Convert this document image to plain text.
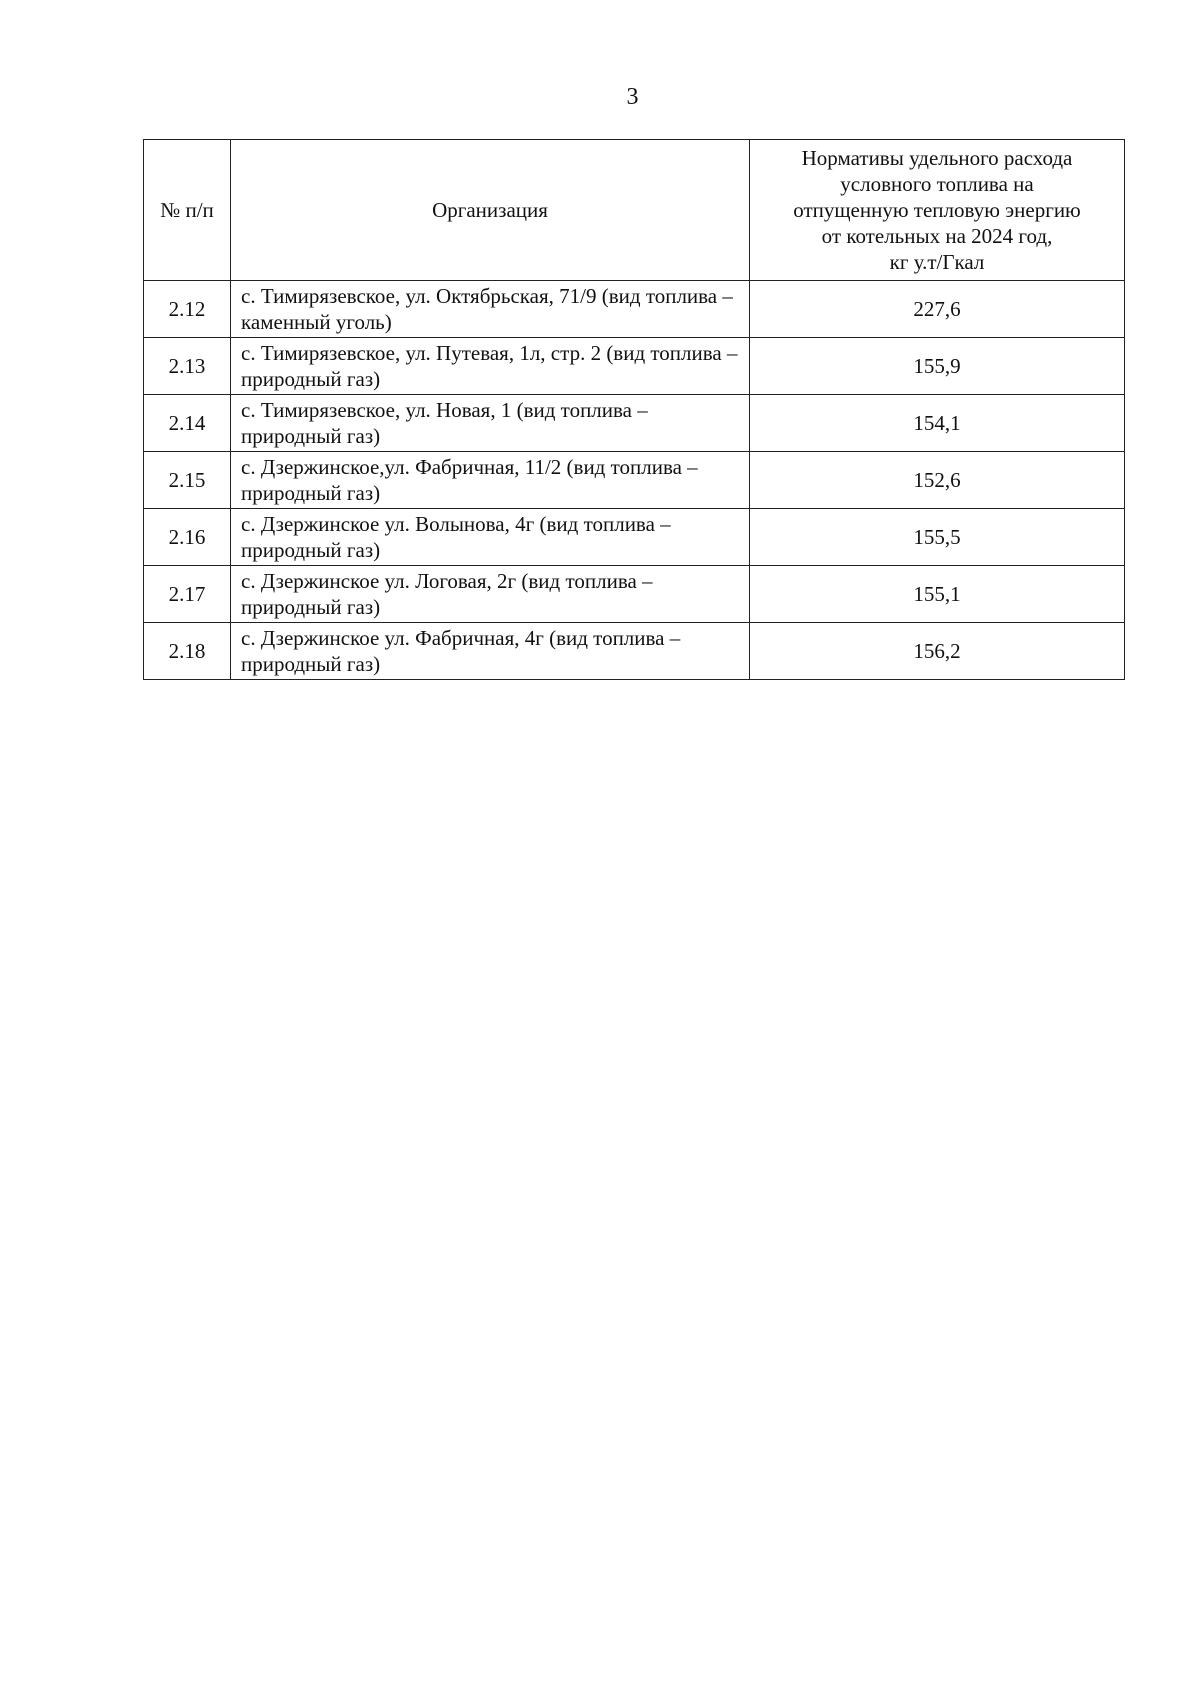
3
№ п/п	Организация	Нормативы удельного расхода
условного топлива на
отпущенную тепловую энергию
от котельных на 2024 год,
кг у.т/Гкал

2.12	с. Тимирязевское, ул. Октябрьская, 71/9 (вид топлива – каменный уголь)	227,6
2.13	с. Тимирязевское, ул. Путевая, 1л, стр. 2 (вид топлива – природный газ)	155,9
2.14	с. Тимирязевское, ул. Новая, 1 (вид топлива – природный газ)	154,1
2.15	с. Дзержинское,ул. Фабричная, 11/2 (вид топлива – природный газ)	152,6
2.16	с. Дзержинское ул. Волынова, 4г (вид топлива – природный газ)	155,5
2.17	с. Дзержинское ул. Логовая, 2г (вид топлива – природный газ)	155,1
2.18	с. Дзержинское ул. Фабричная, 4г (вид топлива – природный газ)	156,2
